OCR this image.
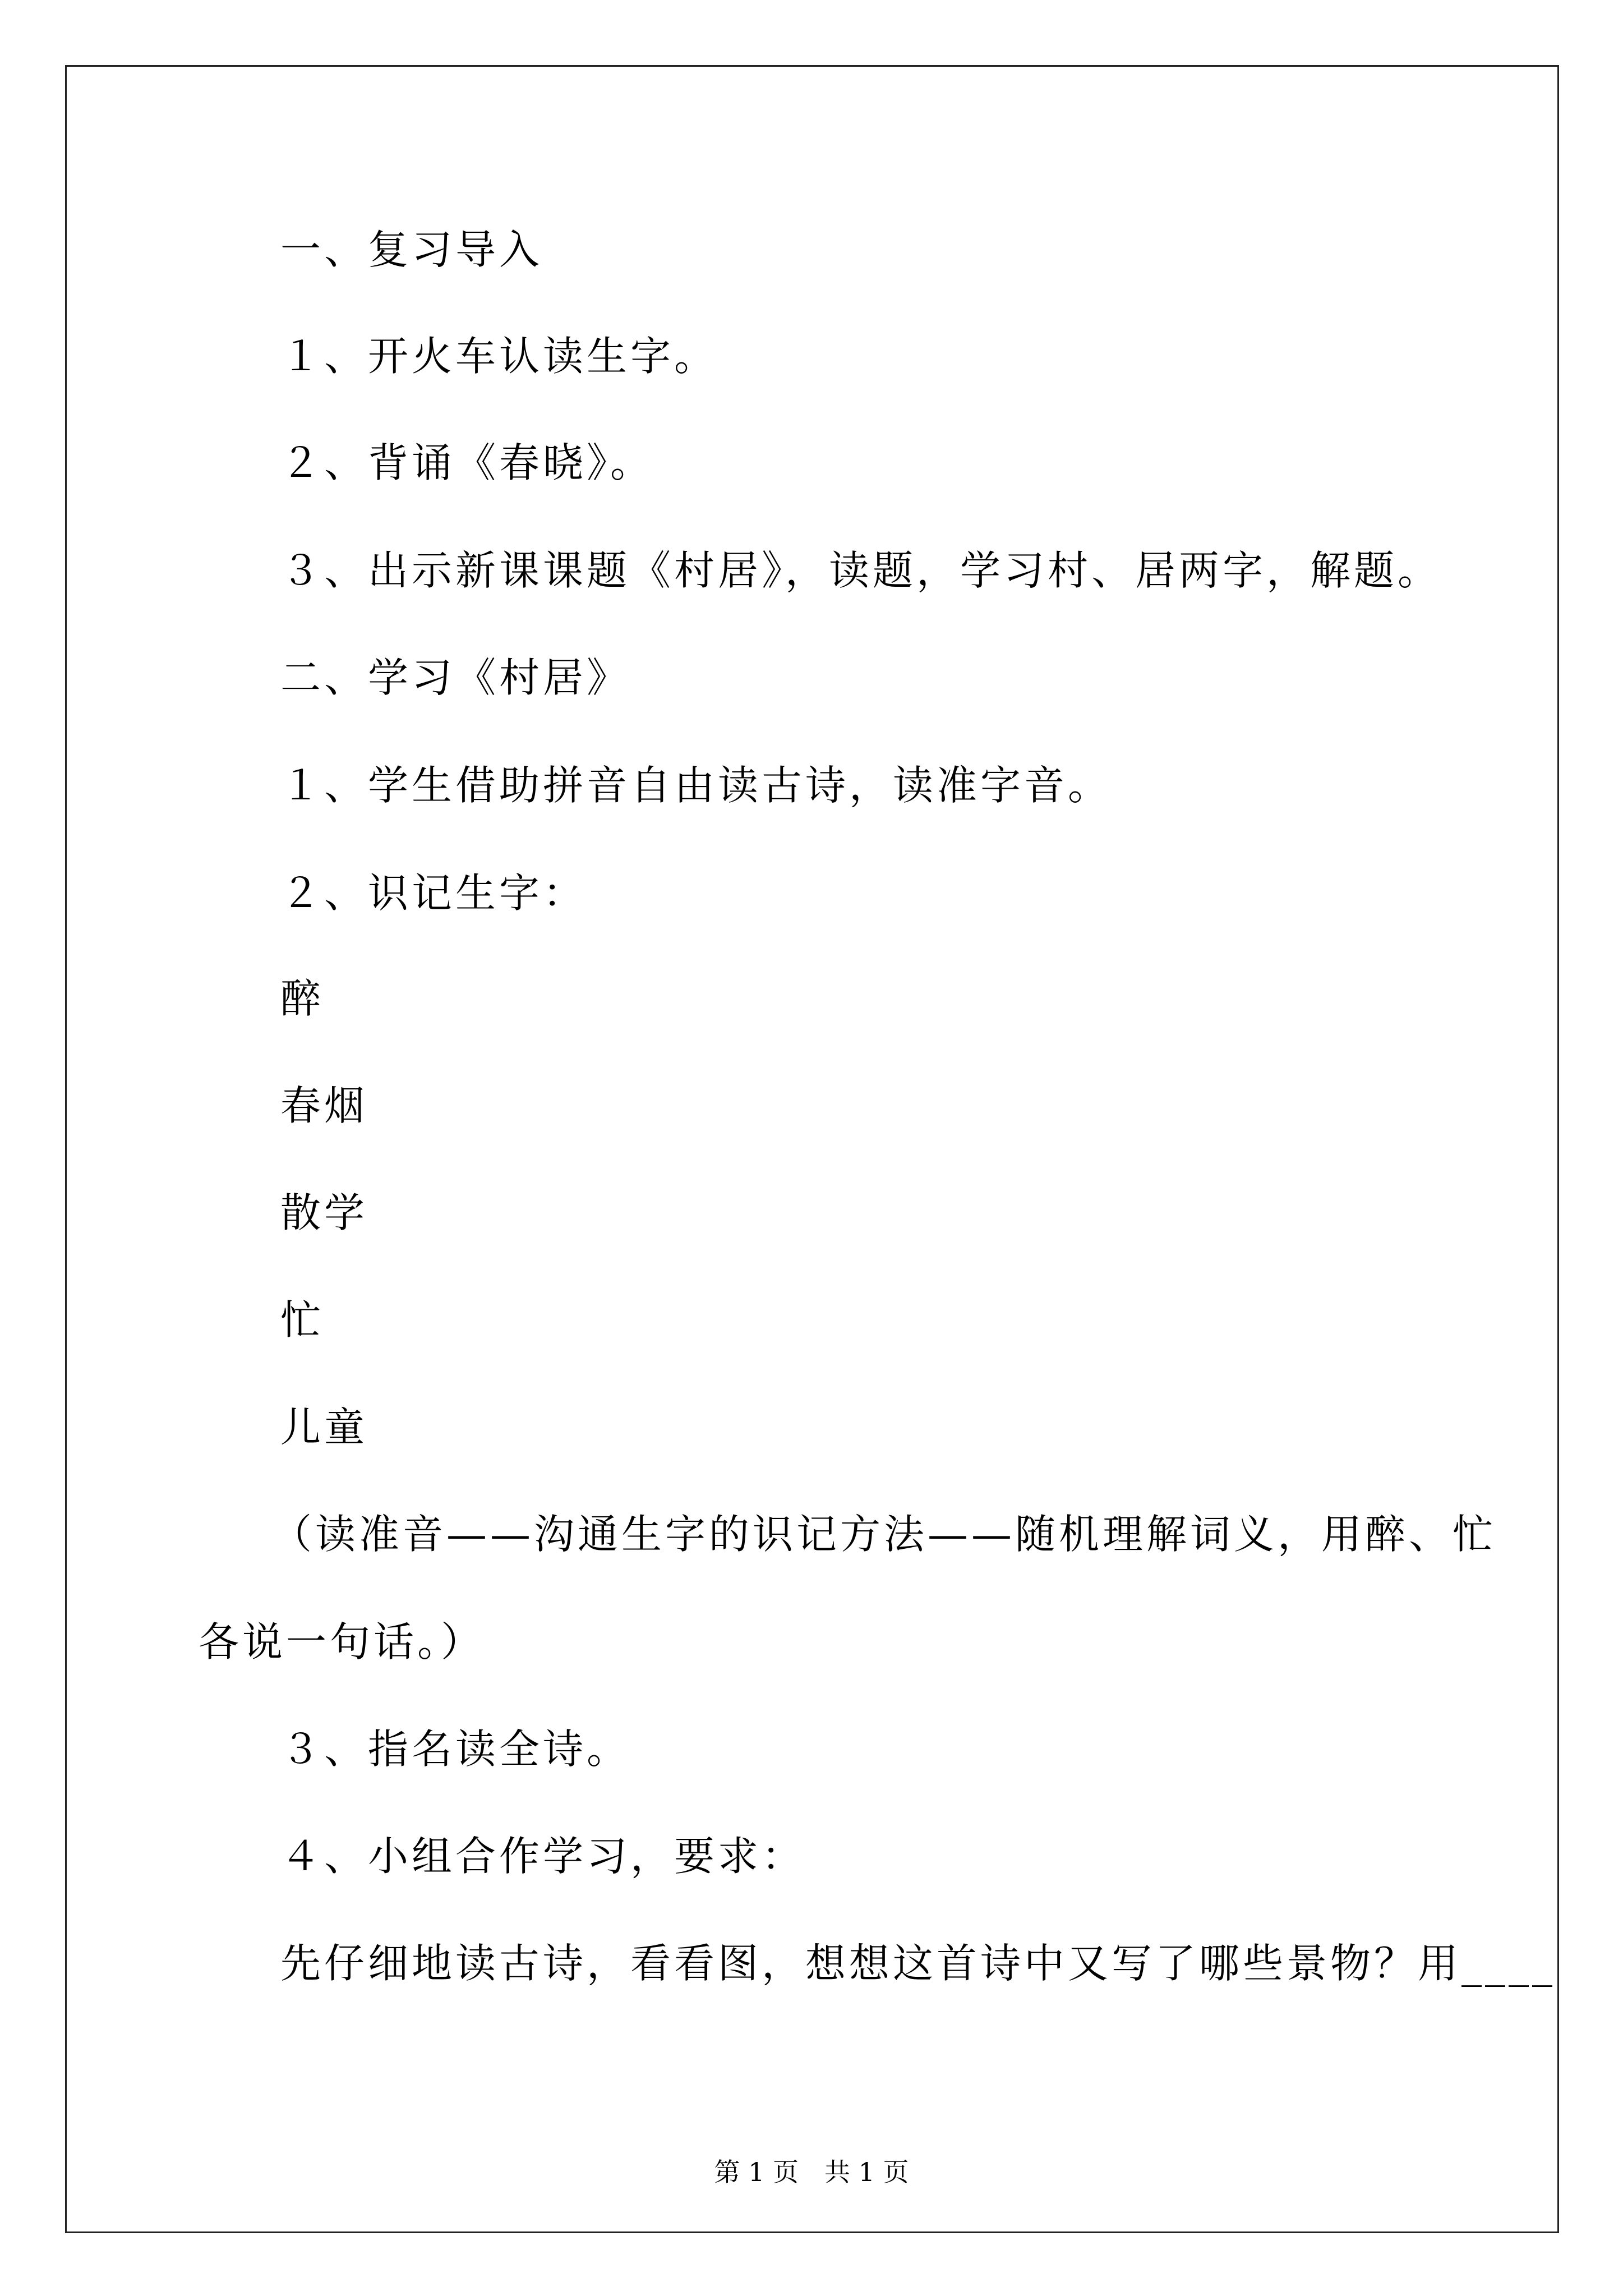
一、复习导入
１、开火车认读生字。
２、背诵《春晓》。
３、出示新课课题《村居》，读题，学习村、居两字，解题。
二、学习《村居》
１、学生借助拼音自由读古诗，读准字音。
２、识记生字：
醉
春烟
散学
忙
儿童
（读准音——沟通生字的识记方法——随机理解词义，用醉、忙
各说一句话。）
３、指名读全诗。
４、小组合作学习，要求：
先仔细地读古诗，看看图，想想这首诗中又写了哪些景物？用____
第 1 页　共 1 页
